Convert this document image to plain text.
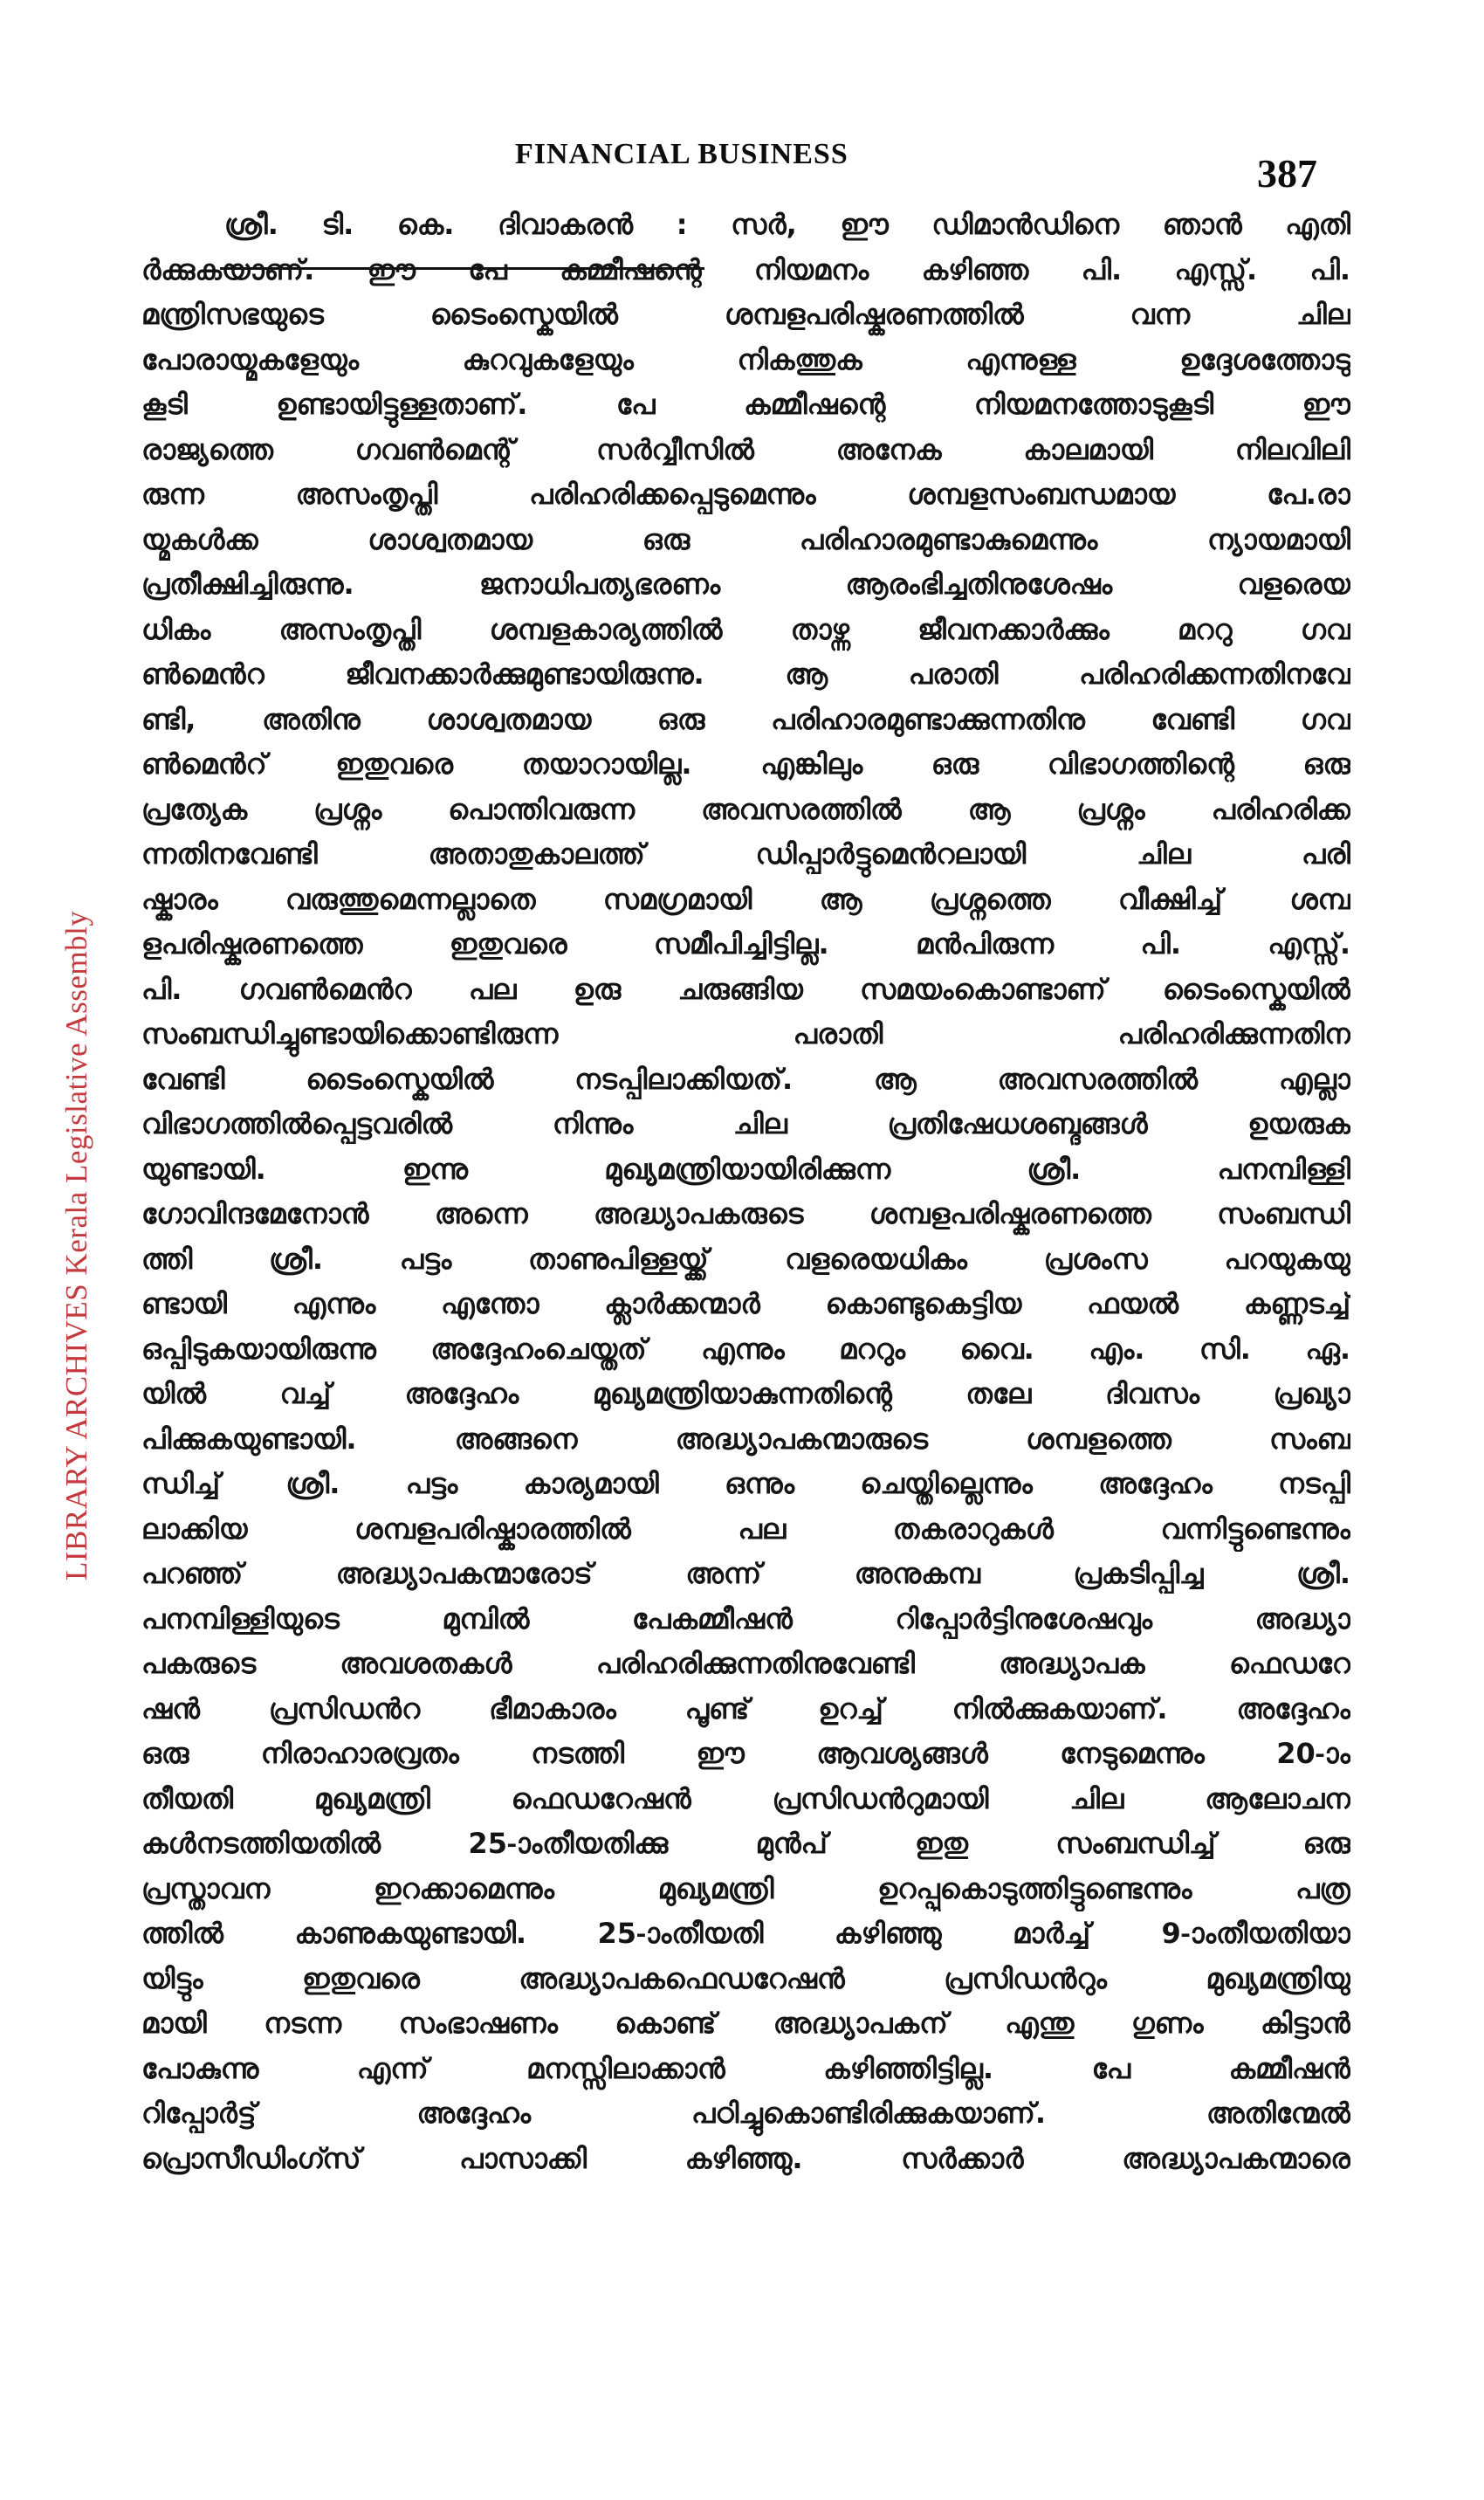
FINANCIAL BUSINESS	387
LIBRARY ARCHIVES Kerala Legislative Assembly
ശ്രീ. ടി. കെ. ദിവാകരൻ : സർ, ഈ ഡിമാൻഡിനെ ഞാൻ എതി
ർക്കുകയാണ്. ഈ പേ കമ്മീഷന്റെ നിയമനം കഴിഞ്ഞ പി. എസ്സ്. പി.
മന്ത്രിസഭയുടെ ടൈംസ്കെയിൽ ശമ്പളപരിഷ്കരണത്തിൽ വന്ന ചില
പോരായ്മകളേയും കുറവുകളേയും നികത്തുക എന്നുള്ള ഉദ്ദേശത്തോടു
കൂടി ഉണ്ടായിട്ടുള്ളതാണ്. പേ കമ്മീഷന്റെ നിയമനത്തോടുകൂടി ഈ
രാജ്യത്തെ ഗവൺമെന്റ് സർവ്വീസിൽ അനേക കാലമായി നിലവിലി
രുന്ന അസംതൃപ്തി പരിഹരിക്കപ്പെടുമെന്നും ശമ്പളസംബന്ധമായ പേ.രാ
യ്മകൾക്ക ശാശ്വതമായ ഒരു പരിഹാരമുണ്ടാകുമെന്നും ന്യായമായി
പ്രതീക്ഷിച്ചിരുന്നു. ജനാധിപത്യഭരണം ആരംഭിച്ചതിനുശേഷം വളരെയ
ധികം അസംതൃപ്തി ശമ്പളകാര്യത്തിൽ താഴ്ന്ന ജീവനക്കാർക്കും മററു ഗവ
ൺമെൻറ ജീവനക്കാർക്കുമുണ്ടായിരുന്നു. ആ പരാതി പരിഹരിക്കന്നതിനവേ
ണ്ടി, അതിനു ശാശ്വതമായ ഒരു പരിഹാരമുണ്ടാക്കുന്നതിനു വേണ്ടി ഗവ
ൺമെൻറ് ഇതുവരെ തയാറായില്ല. എങ്കിലും ഒരു വിഭാഗത്തിന്റെ ഒരു
പ്രത്യേക പ്രശ്നം പൊന്തിവരുന്ന അവസരത്തിൽ ആ പ്രശ്നം പരിഹരിക്ക
ന്നതിനവേണ്ടി അതാതുകാലത്ത് ഡിപ്പാർട്ടുമെൻറലായി ചില പരി
ഷ്കാരം വരുത്തുമെന്നല്ലാതെ സമഗ്രമായി ആ പ്രശ്നത്തെ വീക്ഷിച്ച് ശമ്പ
ളപരിഷ്കരണത്തെ ഇതുവരെ സമീപിച്ചിട്ടില്ല. മൻപിരുന്ന പി. എസ്സ്.
പി. ഗവൺമെൻറ പല ഉരു ചരുങ്ങിയ സമയംകൊണ്ടാണ് ടൈംസ്കെയിൽ
സംബന്ധിച്ചുണ്ടായിക്കൊണ്ടിരുന്ന പരാതി പരിഹരിക്കുന്നതിന
വേണ്ടി ടൈംസ്കെയിൽ നടപ്പിലാക്കിയത്. ആ അവസരത്തിൽ എല്ലാ
വിഭാഗത്തിൽപ്പെട്ടവരിൽ നിന്നും ചില പ്രതിഷേധശബ്ദങ്ങൾ ഉയരുക
യുണ്ടായി. ഇന്നു മുഖ്യമന്ത്രിയായിരിക്കുന്ന ശ്രീ. പനമ്പിള്ളി
ഗോവിന്ദമേനോൻ അന്നെ അദ്ധ്യാപകരുടെ ശമ്പളപരിഷ്കരണത്തെ സംബന്ധി
ത്തി ശ്രീ. പട്ടം താണുപിള്ളയ്ക്ക് വളരെയധികം പ്രശംസ പറയുകയു
ണ്ടായി എന്നും എന്തോ ക്ലാർക്കന്മാർ കൊണ്ടുകെട്ടിയ ഫയൽ കണ്ണടച്ച്
ഒപ്പിടുകയായിരുന്നു അദ്ദേഹംചെയ്തത് എന്നും മററും വൈ. എം. സി. ഏ.
യിൽ വച്ച് അദ്ദേഹം മുഖ്യമന്ത്രിയാകുന്നതിന്റെ തലേ ദിവസം പ്രഖ്യാ
പിക്കുകയുണ്ടായി. അങ്ങനെ അദ്ധ്യാപകന്മാരുടെ ശമ്പളത്തെ സംബ
ന്ധിച്ച് ശ്രീ. പട്ടം കാര്യമായി ഒന്നും ചെയ്തില്ലെന്നും അദ്ദേഹം നടപ്പി
ലാക്കിയ ശമ്പളപരിഷ്കാരത്തിൽ പല തകരാറുകൾ വന്നിട്ടുണ്ടെന്നും
പറഞ്ഞ് അദ്ധ്യാപകന്മാരോട് അന്ന് അനുകമ്പ പ്രകടിപ്പിച്ച ശ്രീ.
പനമ്പിള്ളിയുടെ മുമ്പിൽ പേകമ്മീഷൻ റിപ്പോർട്ടിനുശേഷവും അദ്ധ്യാ
പകരുടെ അവശതകൾ പരിഹരിക്കുന്നതിനുവേണ്ടി അദ്ധ്യാപക ഫെഡറേ
ഷൻ പ്രസിഡൻറ ഭീമാകാരം പൂണ്ട് ഉറച്ച് നിൽക്കുകയാണ്. അദ്ദേഹം
ഒരു നിരാഹാരവ്രതം നടത്തി ഈ ആവശ്യങ്ങൾ നേടുമെന്നും 20-ാം
തീയതി മുഖ്യമന്ത്രി ഫെഡറേഷൻ പ്രസിഡൻറുമായി ചില ആലോചന
കൾനടത്തിയതിൽ 25-ാംതീയതിക്കു മുൻപ് ഇതു സംബന്ധിച്ച് ഒരു
പ്രസ്താവന ഇറക്കാമെന്നും മുഖ്യമന്ത്രി ഉറപ്പുകൊടുത്തിട്ടുണ്ടെന്നും പത്ര
ത്തിൽ കാണുകയുണ്ടായി. 25-ാംതീയതി കഴിഞ്ഞു മാർച്ച് 9-ാംതീയതിയാ
യിട്ടും ഇതുവരെ അദ്ധ്യാപകഫെഡറേഷൻ പ്രസിഡൻറും മുഖ്യമന്ത്രിയു
മായി നടന്ന സംഭാഷണം കൊണ്ട് അദ്ധ്യാപകന് എന്തു ഗുണം കിട്ടാൻ
പോകുന്നു എന്ന് മനസ്സിലാക്കാൻ കഴിഞ്ഞിട്ടില്ല. പേ കമ്മീഷൻ
റിപ്പോർട്ട് അദ്ദേഹം പഠിച്ചുകൊണ്ടിരിക്കുകയാണ്. അതിന്മേൽ
പ്രൊസീഡിംഗ്സ് പാസാക്കി കഴിഞ്ഞു. സർക്കാർ അദ്ധ്യാപകന്മാരെ
